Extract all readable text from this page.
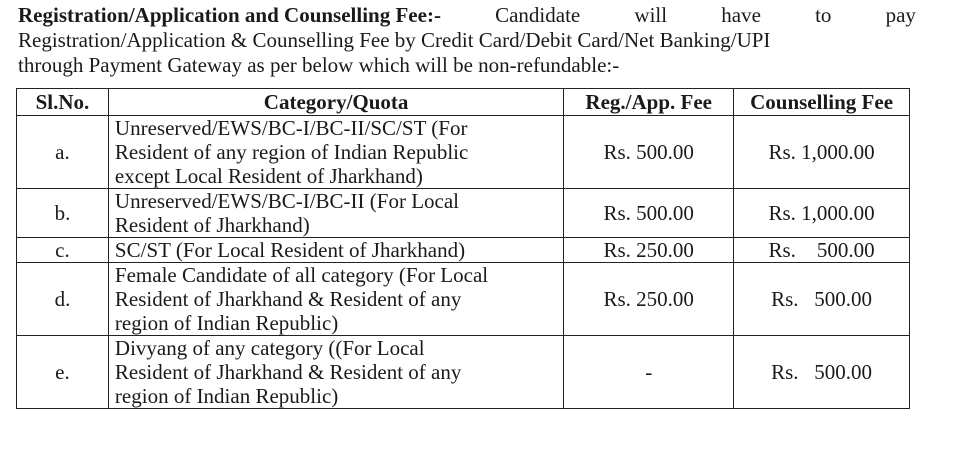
Registration/Application and Counselling Fee:-	Candidate	will	have	to	pay
Registration/Application & Counselling Fee by Credit Card/Debit Card/Net Banking/UPI
through Payment Gateway as per below which will be non-refundable:-
Sl.No.	Category/Quota	Reg./App. Fee	Counselling Fee
a.	Unreserved/EWS/BC-I/BC-II/SC/ST (For
Resident of any region of Indian Republic
except Local Resident of Jharkhand)	Rs. 500.00	Rs. 1,000.00
b.	Unreserved/EWS/BC-I/BC-II (For Local
Resident of Jharkhand)	Rs. 500.00	Rs. 1,000.00
c.	SC/ST (For Local Resident of Jharkhand)	Rs. 250.00	Rs.    500.00
d.	Female Candidate of all category (For Local
Resident of Jharkhand & Resident of any
region of Indian Republic)	Rs. 250.00	Rs.   500.00
e.	Divyang of any category ((For Local
Resident of Jharkhand & Resident of any
region of Indian Republic)	-	Rs.   500.00
